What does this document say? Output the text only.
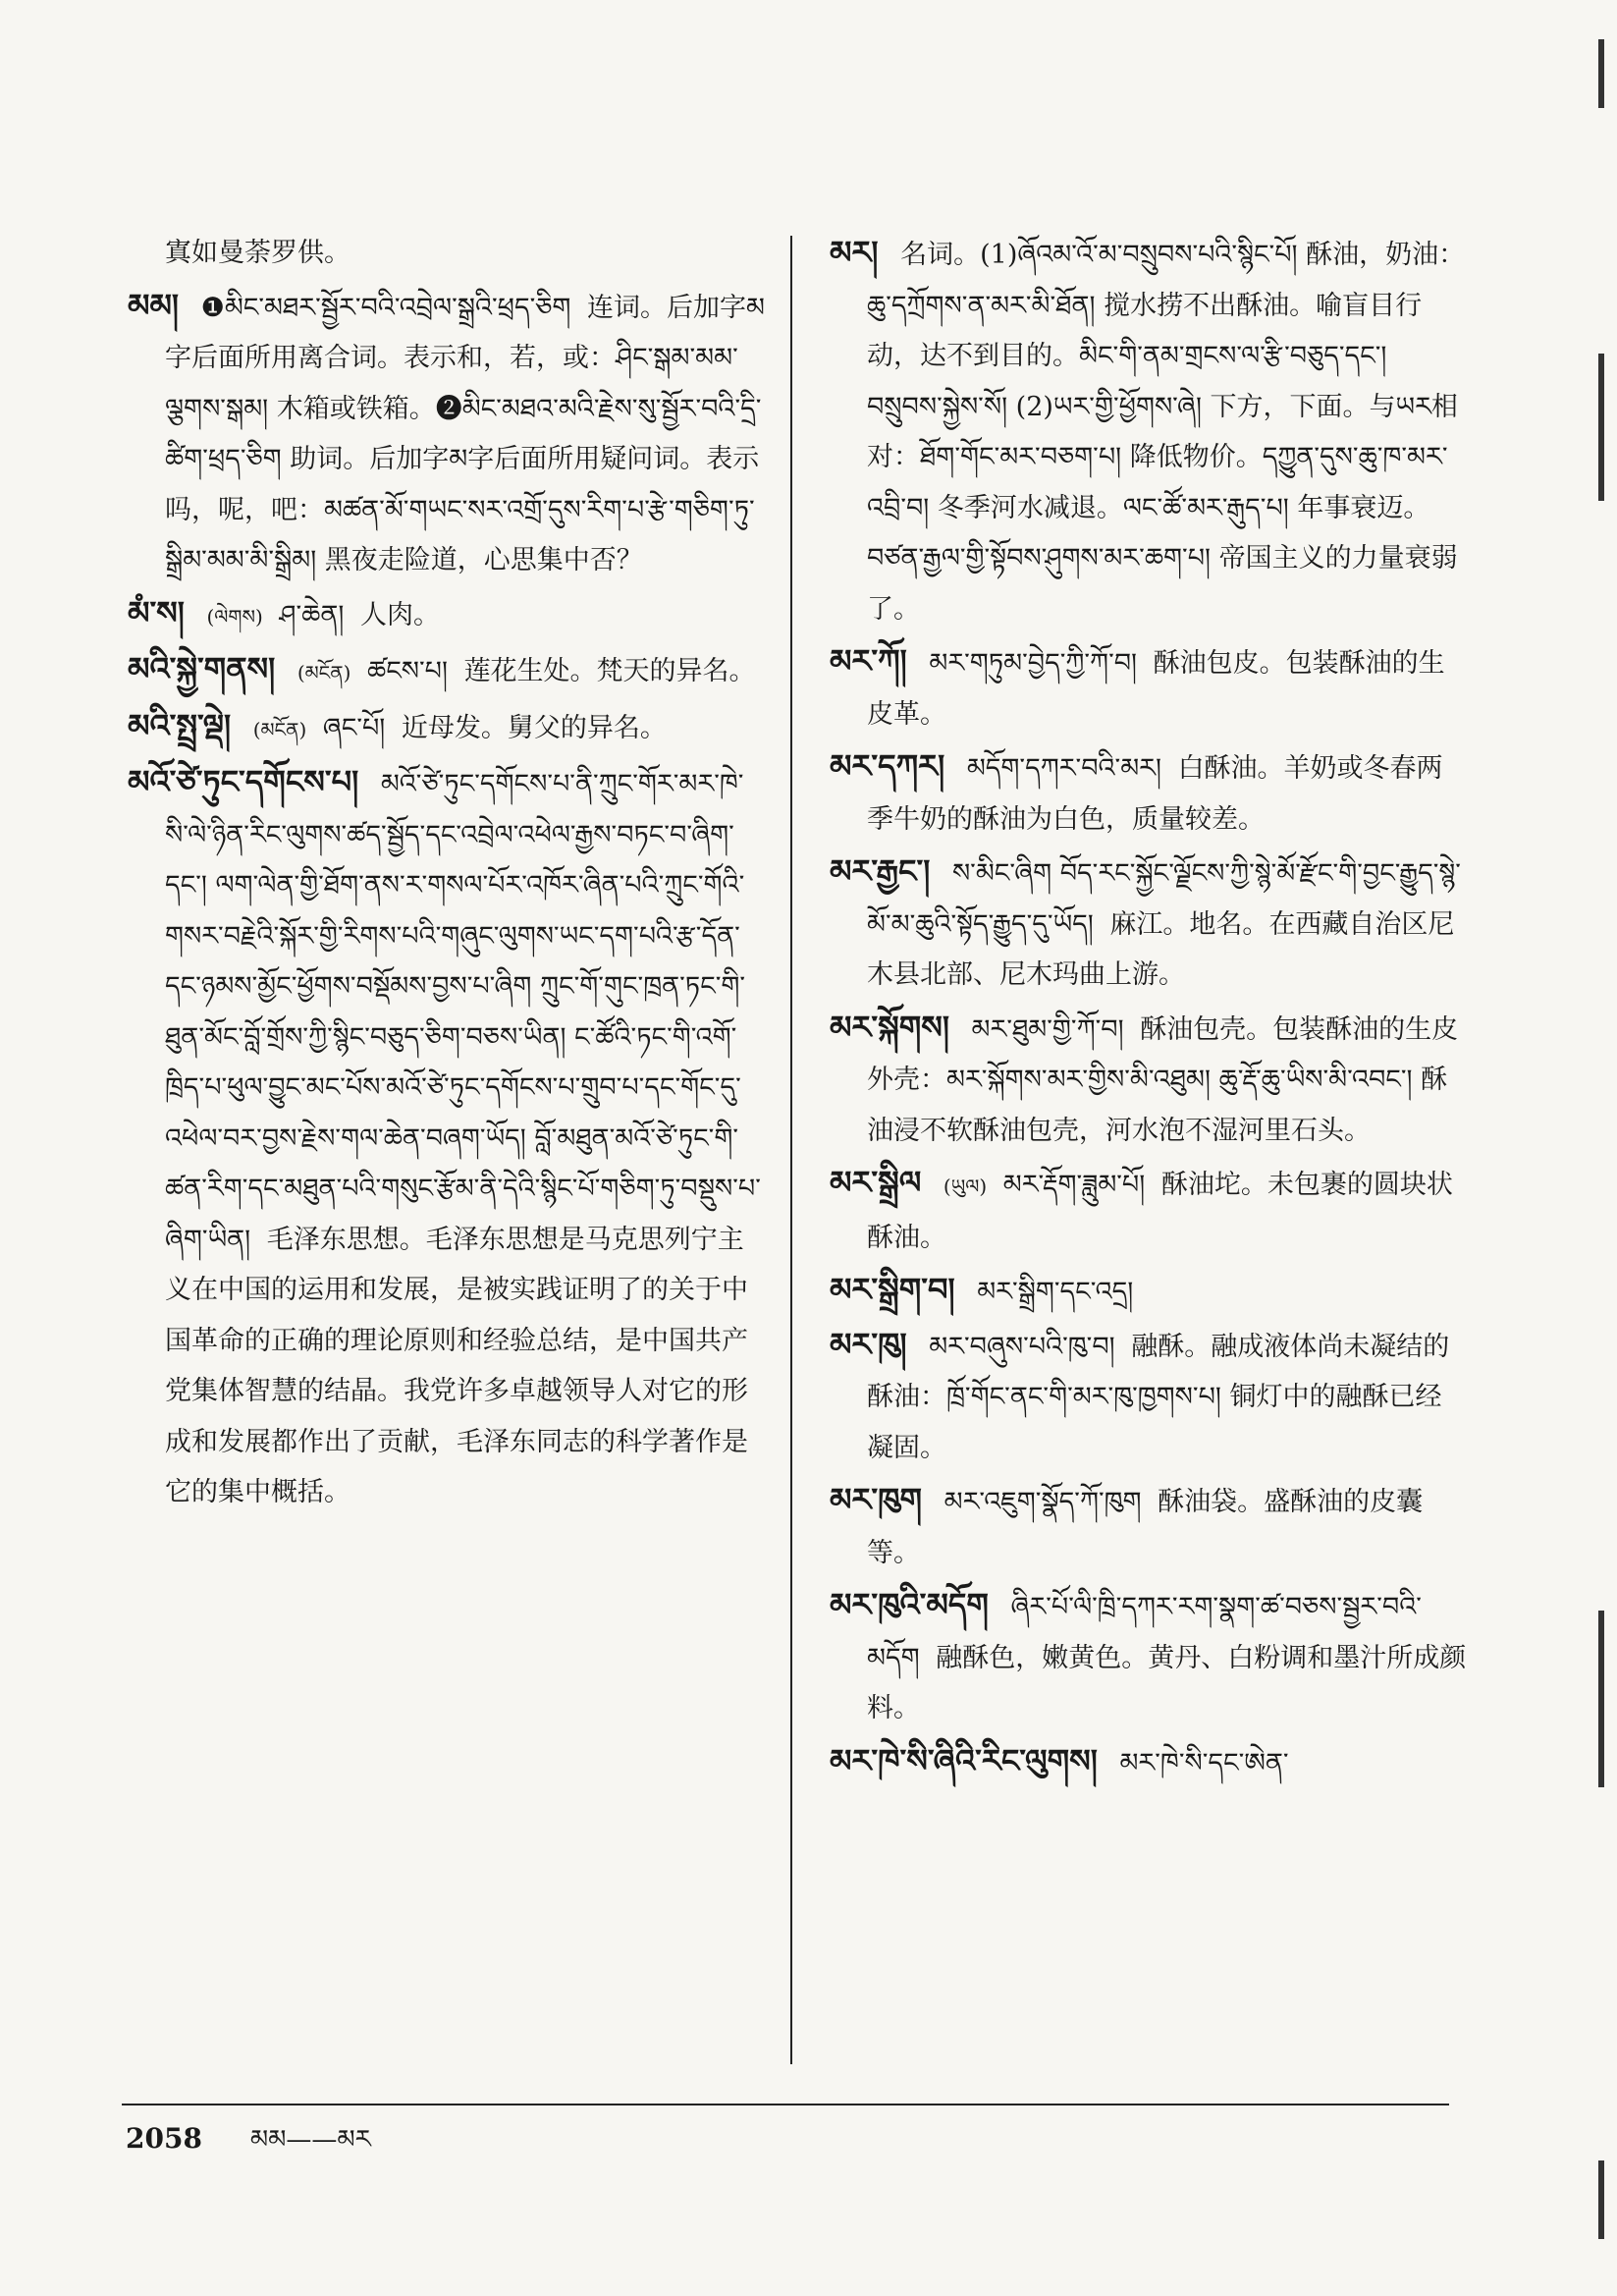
寘如曼荼罗供。
མམ། ❶མིང་མཐར་སྦྱོར་བའི་འབྲེལ་སྒྲའི་ཕྲད་ཅིག 连词。后加字མ字后面所用离合词。表示和，若，或：ཤིང་སྒམ་མམ་ལྕགས་སྒམ། 木箱或铁箱。❷མིང་མཐའ་མའི་རྗེས་སུ་སྦྱོར་བའི་དྲི་ཚིག་ཕྲད་ཅིག 助词。后加字མ字后面所用疑问词。表示吗，呢，吧：མཚན་མོ་གཡང་སར་འགྲོ་དུས་རིག་པ་རྩེ་གཅིག་ཏུ་སྒྲིམ་མམ་མི་སྒྲིམ། 黑夜走险道，心思集中否？
མཾ་ས། (ལེགས) ཤ་ཆེན། 人肉。
མའི་སྐྱེ་གནས། (མངོན) ཚངས་པ། 莲花生处。梵天的异名。
མའི་སྤྲ་ལྡེ། (མངོན) ཞང་པོ། 近母发。舅父的异名。
མའོ་ཙེ་ཏུང་དགོངས་པ། མའོ་ཙེ་ཏུང་དགོངས་པ་ནི་ཀྲུང་གོར་མར་ཁེ་སི་ལེ་ཉིན་རིང་ལུགས་ཚད་སྦྱོད་དང་འབྲེལ་འཕེལ་རྒྱས་བཏང་བ་ཞིག་དང་། ལག་ལེན་གྱི་ཐོག་ནས་ར་གསལ་པོར་འཁོར་ཞིན་པའི་ཀྲུང་གོའི་གསར་བརྗེའི་སྐོར་གྱི་རིགས་པའི་གཞུང་ལུགས་ཡང་དག་པའི་རྩ་དོན་དང་ཉམས་མྱོང་ཕྱོགས་བསྡོམས་བྱས་པ་ཞིག ཀྲུང་གོ་གུང་ཁྲན་ཏང་གི་ཐུན་མོང་བློ་གྲོས་ཀྱི་སྙིང་བཅུད་ཅིག་བཅས་ཡིན། ང་ཚོའི་ཏང་གི་འགོ་ཁྲིད་པ་ཕུལ་བྱུང་མང་པོས་མའོ་ཙེ་ཏུང་དགོངས་པ་གྲུབ་པ་དང་གོང་དུ་འཕེལ་བར་བྱས་རྗེས་གལ་ཆེན་བཞག་ཡོད། བློ་མཐུན་མའོ་ཙེ་ཏུང་གི་ཚན་རིག་དང་མཐུན་པའི་གསུང་རྩོམ་ནི་དེའི་སྙིང་པོ་གཅིག་ཏུ་བསྡུས་པ་ཞིག་ཡིན། 毛泽东思想。毛泽东思想是马克思列宁主义在中国的运用和发展，是被实践证明了的关于中国革命的正确的理论原则和经验总结，是中国共产党集体智慧的结晶。我党许多卓越领导人对它的形成和发展都作出了贡献，毛泽东同志的科学著作是它的集中概括。
མར། 名词。(1)ཞོའམ་འོ་མ་བསྲུབས་པའི་སྙིང་པོ། 酥油，奶油：ཆུ་དཀྲོགས་ན་མར་མི་ཐོན། 搅水捞不出酥油。喻盲目行动，达不到目的。མིང་གི་ནམ་གྲངས་ལ་རྩི་བཅུད་དང་། བསྲུབས་སྐྱེས་སོ། (2)ཡར་གྱི་ཕྱོགས་ཞེ། 下方，下面。与ཡར相对：ཐོག་གོང་མར་བཅག་པ། 降低物价。དཀྱུན་དུས་ཆུ་ཁ་མར་འབྲི་བ། 冬季河水减退。ལང་ཚོ་མར་རྒུད་པ། 年事衰迈。བཙན་རྒྱལ་གྱི་སྟོབས་ཤུགས་མར་ཆག་པ། 帝国主义的力量衰弱了。
མར་ཀོ། མར་གཏུམ་བྱེད་ཀྱི་ཀོ་བ། 酥油包皮。包装酥油的生皮革。
མར་དཀར། མདོག་དཀར་བའི་མར། 白酥油。羊奶或冬春两季牛奶的酥油为白色，质量较差。
མར་རྒྱང་། ས་མིང་ཞིག བོད་རང་སྐྱོང་ལྗོངས་ཀྱི་སྙེ་མོ་རྫོང་གི་བྱང་རྒྱུད་སྙེ་མོ་མ་ཆུའི་སྟོད་རྒྱུད་དུ་ཡོད། 麻江。地名。在西藏自治区尼木县北部、尼木玛曲上游。
མར་སྐོགས། མར་ཐུམ་གྱི་ཀོ་བ། 酥油包壳。包装酥油的生皮外壳：མར་སྐོགས་མར་གྱིས་མི་འཐུམ། ཆུ་རྡོ་ཆུ་ཡིས་མི་འབང་། 酥油浸不软酥油包壳，河水泡不湿河里石头。
མར་སྒྲིལ (ཡུལ) མར་རྡོག་ཟླུམ་པོ། 酥油坨。未包裹的圆块状酥油。
མར་སྒྲིག་བ། མར་སྒྲིག་དང་འདྲ།
མར་ཁུ། མར་བཞུས་པའི་ཁུ་བ། 融酥。融成液体尚未凝结的酥油：ཁྲོ་གོང་ནང་གི་མར་ཁུ་ཁྱགས་པ། 铜灯中的融酥已经凝固。
མར་ཁུག མར་འཇུག་སྣོད་ཀོ་ཁུག 酥油袋。盛酥油的皮囊等。
མར་ཁུའི་མདོག ཞིར་པོ་ལི་ཁྲི་དཀར་རག་སྣག་ཚ་བཅས་སྦྱར་བའི་མདོག 融酥色，嫩黄色。黄丹、白粉调和墨汁所成颜料。
མར་ཁེ་སི་ཞིའི་རིང་ལུགས། མར་ཁེ་སི་དང་ཨེན་
2058 མམ——མར
